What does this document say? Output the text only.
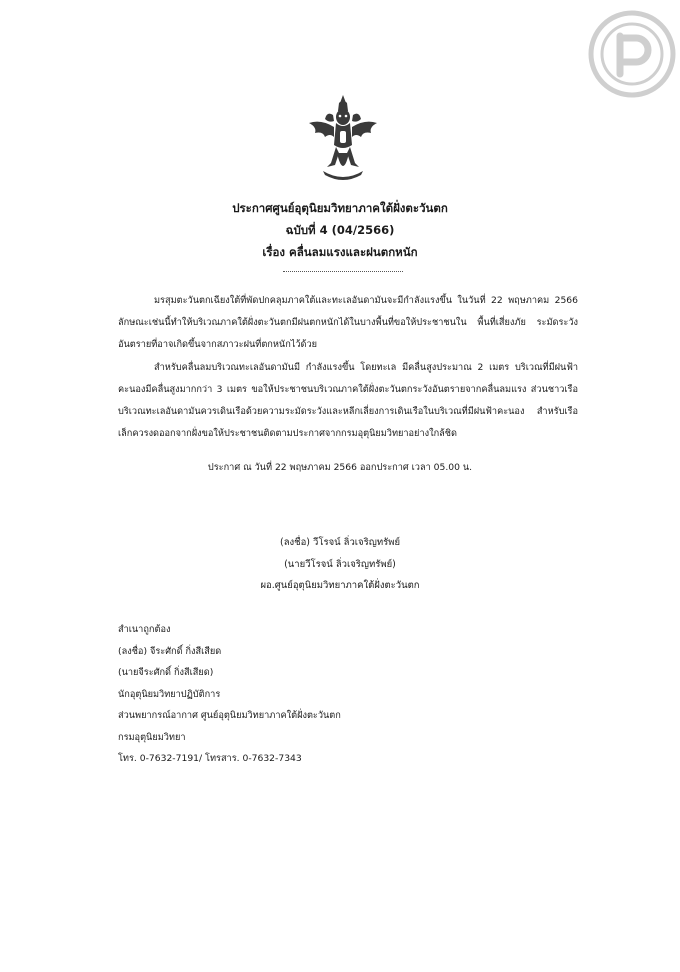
ประกาศศูนย์อุตุนิยมวิทยาภาคใต้ฝั่งตะวันตก
ฉบับที่ 4 (04/2566)
เรื่อง คลื่นลมแรงและฝนตกหนัก
มรสุมตะวันตกเฉียงใต้ที่พัดปกคลุมภาคใต้และทะเลอันดามันจะมีกำลังแรงขึ้น ในวันที่ 22 พฤษภาคม 2566 ลักษณะเช่นนี้ทำให้บริเวณภาคใต้ฝั่งตะวันตกมีฝนตกหนักได้ในบางพื้นที่ขอให้ประชาชนใน พื้นที่เสี่ยงภัย ระมัดระวังอันตรายที่อาจเกิดขึ้นจากสภาวะฝนที่ตกหนักไว้ด้วย
สำหรับคลื่นลมบริเวณทะเลอันดามันมี กำลังแรงขึ้น โดยทะเล มีคลื่นสูงประมาณ 2 เมตร บริเวณที่มีฝนฟ้าคะนองมีคลื่นสูงมากกว่า 3 เมตร ขอให้ประชาชนบริเวณภาคใต้ฝั่งตะวันตกระวังอันตรายจากคลื่นลมแรง ส่วนชาวเรือบริเวณทะเลอันดามันควรเดินเรือด้วยความระมัดระวังและหลีกเลี่ยงการเดินเรือในบริเวณที่มีฝนฟ้าคะนอง สำหรับเรือเล็กควรงดออกจากฝั่งขอให้ประชาชนติดตามประกาศจากกรมอุตุนิยมวิทยาอย่างใกล้ชิด
ประกาศ ณ วันที่ 22 พฤษภาคม 2566 ออกประกาศ เวลา 05.00 น.
(ลงชื่อ) วีโรจน์ ลิ่วเจริญทรัพย์
(นายวีโรจน์ ลิ่วเจริญทรัพย์)
ผอ.ศูนย์อุตุนิยมวิทยาภาคใต้ฝั่งตะวันตก
สำเนาถูกต้อง
(ลงชื่อ) จีระศักดิ์ กิ่งสีเสียด
(นายจีระศักดิ์ กิ่งสีเสียด)
นักอุตุนิยมวิทยาปฏิบัติการ
ส่วนพยากรณ์อากาศ ศูนย์อุตุนิยมวิทยาภาคใต้ฝั่งตะวันตก
กรมอุตุนิยมวิทยา
โทร. 0-7632-7191/ โทรสาร. 0-7632-7343
